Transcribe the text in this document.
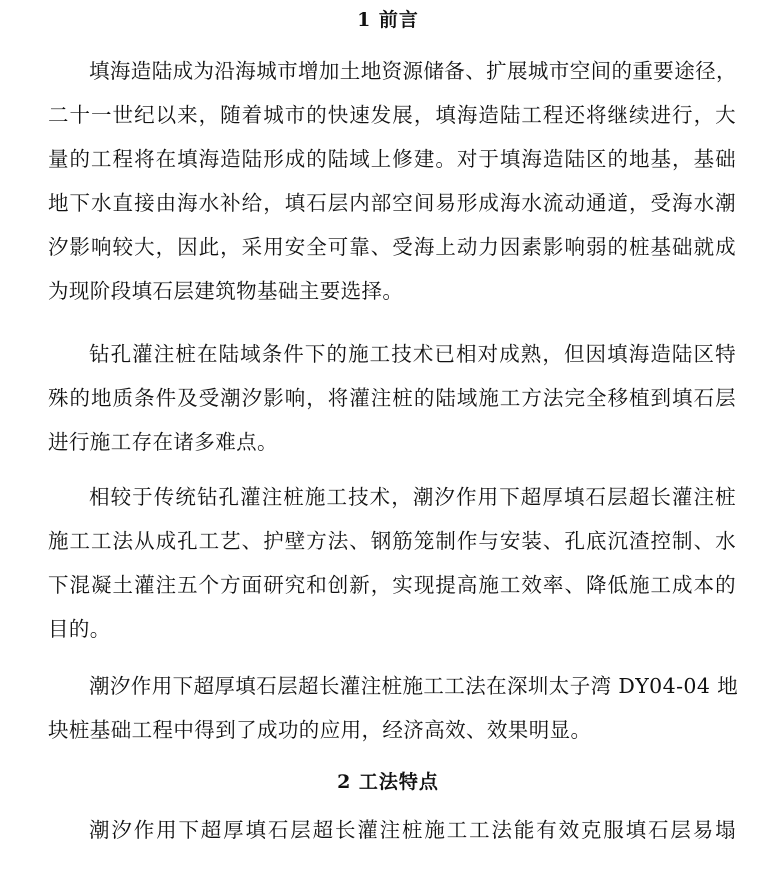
1 前言
填海造陆成为沿海城市增加土地资源储备、扩展城市空间的重要途径，
二十一世纪以来，随着城市的快速发展，填海造陆工程还将继续进行，大
量的工程将在填海造陆形成的陆域上修建。对于填海造陆区的地基，基础
地下水直接由海水补给，填石层内部空间易形成海水流动通道，受海水潮
汐影响较大，因此，采用安全可靠、受海上动力因素影响弱的桩基础就成
为现阶段填石层建筑物基础主要选择。
钻孔灌注桩在陆域条件下的施工技术已相对成熟，但因填海造陆区特
殊的地质条件及受潮汐影响，将灌注桩的陆域施工方法完全移植到填石层
进行施工存在诸多难点。
相较于传统钻孔灌注桩施工技术，潮汐作用下超厚填石层超长灌注桩
施工工法从成孔工艺、护壁方法、钢筋笼制作与安装、孔底沉渣控制、水
下混凝土灌注五个方面研究和创新，实现提高施工效率、降低施工成本的
目的。
潮汐作用下超厚填石层超长灌注桩施工工法在深圳太子湾 DY04-04 地
块桩基础工程中得到了成功的应用，经济高效、效果明显。
2 工法特点
潮汐作用下超厚填石层超长灌注桩施工工法能有效克服填石层易塌
